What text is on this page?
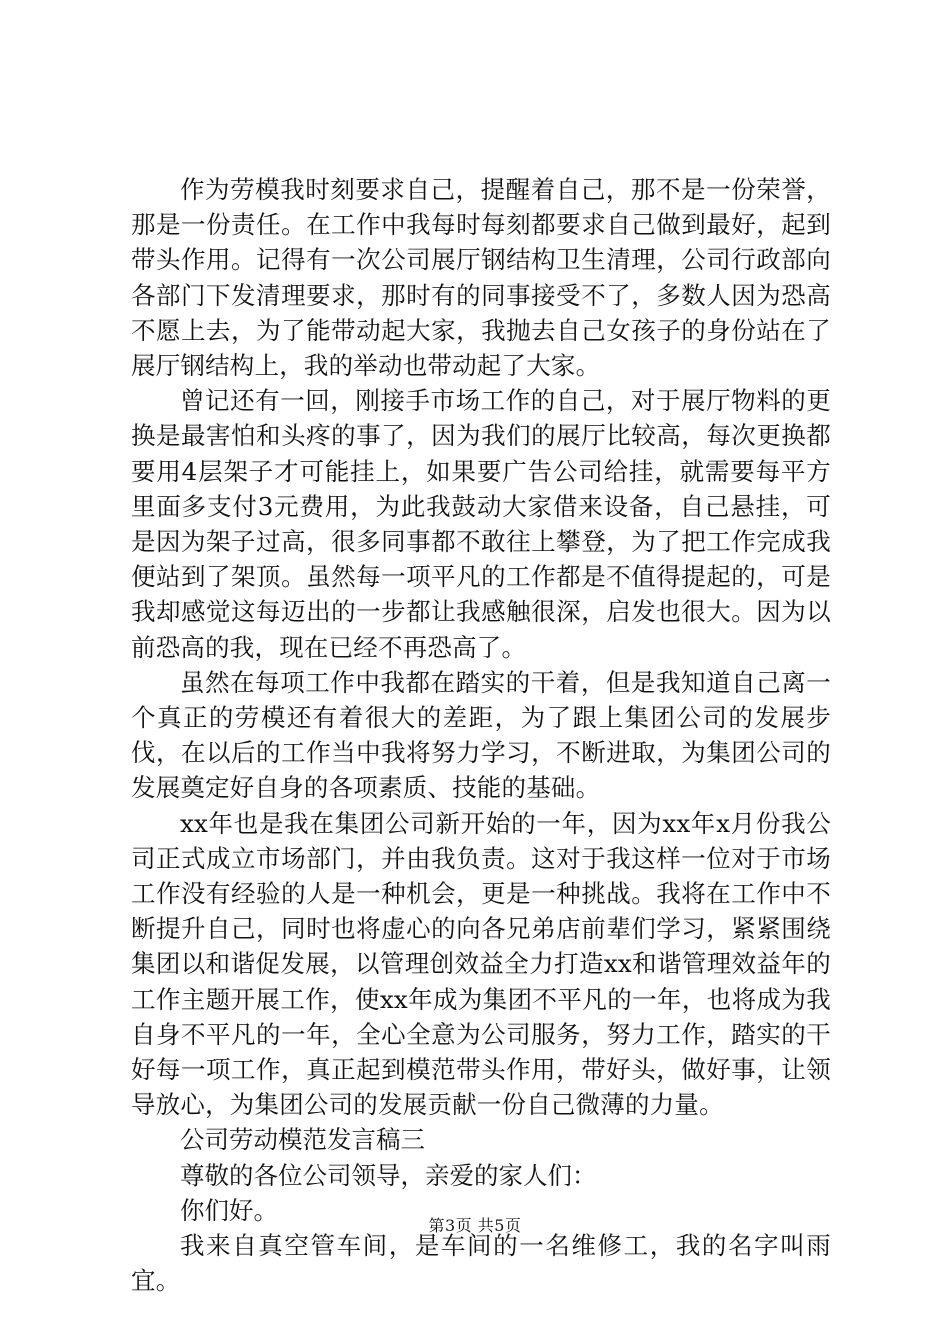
作为劳模我时刻要求自己，提醒着自己，那不是一份荣誉，那是一份责任。在工作中我每时每刻都要求自己做到最好，起到带头作用。记得有一次公司展厅钢结构卫生清理，公司行政部向各部门下发清理要求，那时有的同事接受不了，多数人因为恐高不愿上去，为了能带动起大家，我抛去自己女孩子的身份站在了展厅钢结构上，我的举动也带动起了大家。

曾记还有一回，刚接手市场工作的自己，对于展厅物料的更换是最害怕和头疼的事了，因为我们的展厅比较高，每次更换都要用4层架子才可能挂上，如果要广告公司给挂，就需要每平方里面多支付3元费用，为此我鼓动大家借来设备，自己悬挂，可是因为架子过高，很多同事都不敢往上攀登，为了把工作完成我便站到了架顶。虽然每一项平凡的工作都是不值得提起的，可是我却感觉这每迈出的一步都让我感触很深，启发也很大。因为以前恐高的我，现在已经不再恐高了。

虽然在每项工作中我都在踏实的干着，但是我知道自己离一个真正的劳模还有着很大的差距，为了跟上集团公司的发展步伐，在以后的工作当中我将努力学习，不断进取，为集团公司的发展奠定好自身的各项素质、技能的基础。

xx年也是我在集团公司新开始的一年，因为xx年x月份我公司正式成立市场部门，并由我负责。这对于我这样一位对于市场工作没有经验的人是一种机会，更是一种挑战。我将在工作中不断提升自己，同时也将虚心的向各兄弟店前辈们学习，紧紧围绕集团以和谐促发展，以管理创效益全力打造xx和谐管理效益年的工作主题开展工作，使xx年成为集团不平凡的一年，也将成为我自身不平凡的一年，全心全意为公司服务，努力工作，踏实的干好每一项工作，真正起到模范带头作用，带好头，做好事，让领导放心，为集团公司的发展贡献一份自己微薄的力量。

公司劳动模范发言稿三

尊敬的各位公司领导，亲爱的家人们：

你们好。

我来自真空管车间，是车间的一名维修工，我的名字叫雨宜。

第3页 共5页
